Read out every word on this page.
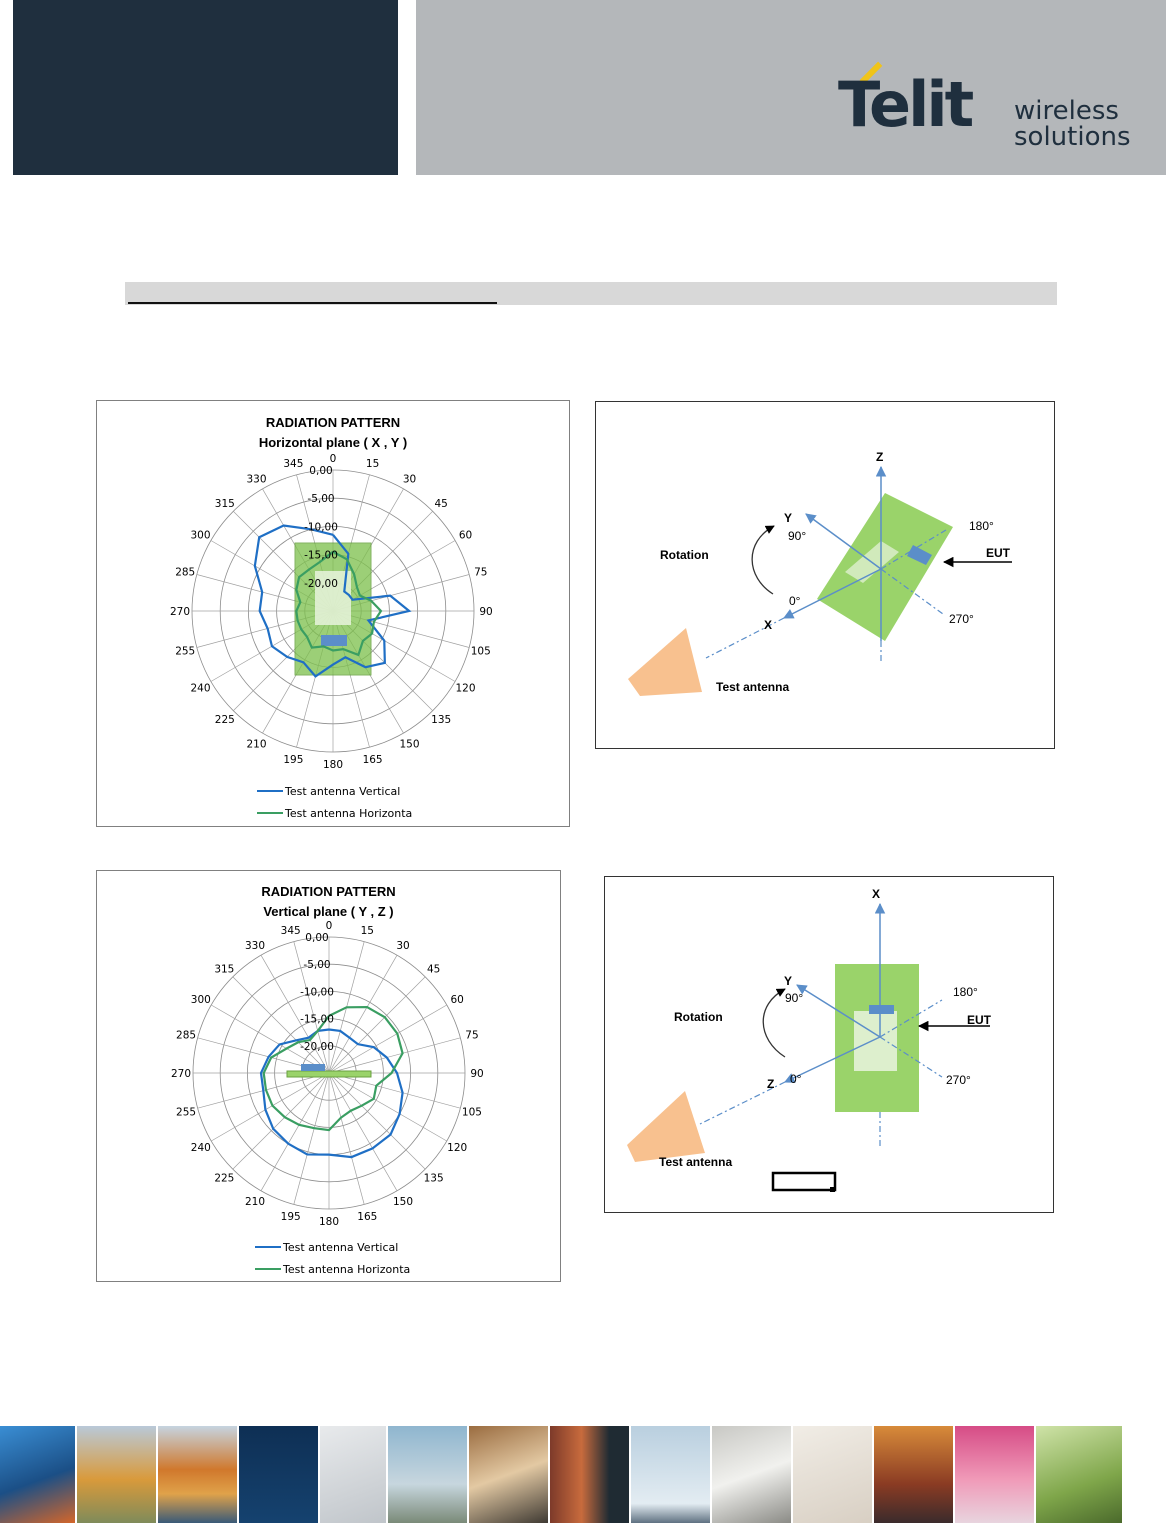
Telit wireless
solutions
RADIATION PATTERN
Horizontal plane ( X , Y )
0	15
30
45
60
75
90
105
120
135
150
165
180
195
210
225
240
255
270
285
300
315
330
345
0,00
-5,00
-10,00
-15,00
-20,00
Test antenna Vertical
Test antenna Horizonta
RADIATION PATTERN
Vertical plane ( Y , Z )
0	15
30
45
60
75
90
105
120
135
150
165
180
195
210
225
240
255
270
285
300
315
330
345
0,00
-5,00
-10,00
-15,00
-20,00
Test antenna Vertical
Test antenna Horizonta
Z
Y
90°
180°
EUT
Rotation
0°
X	270°
Test antenna
X
Y
90°	180°
EUT
Rotation
0°
Z	270°
Test antenna
